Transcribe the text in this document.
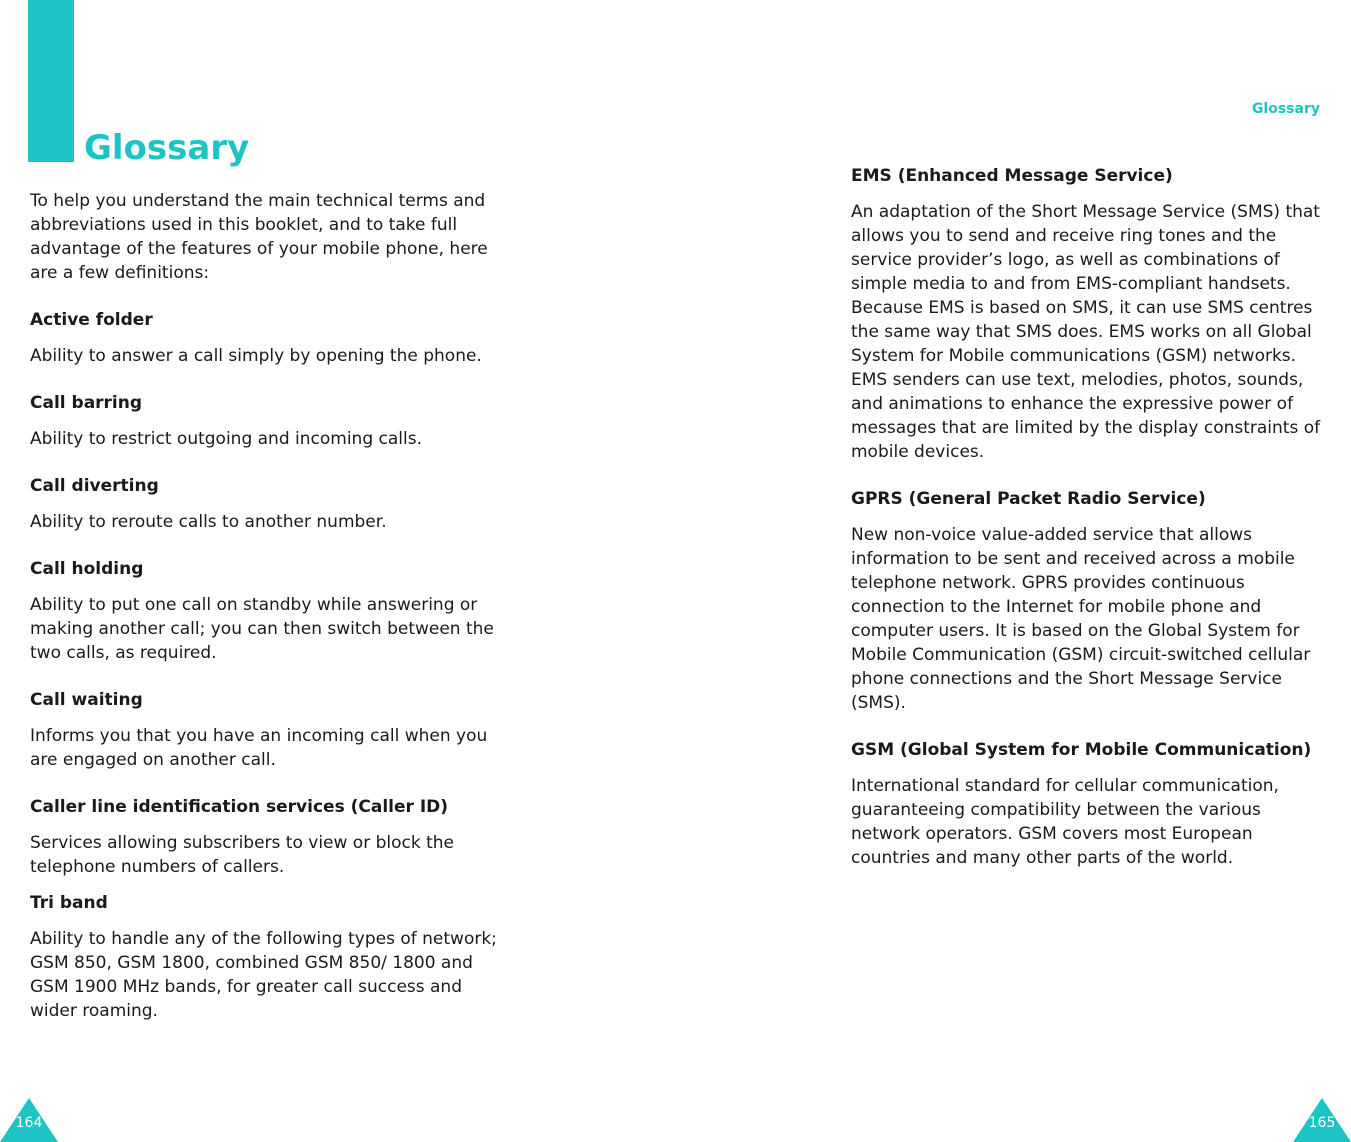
Glossary

To help you understand the main technical terms and abbreviations used in this booklet, and to take full advantage of the features of your mobile phone, here are a few definitions:

Active folder

Ability to answer a call simply by opening the phone.

Call barring

Ability to restrict outgoing and incoming calls.

Call diverting

Ability to reroute calls to another number.

Call holding

Ability to put one call on standby while answering or making another call; you can then switch between the two calls, as required.

Call waiting

Informs you that you have an incoming call when you are engaged on another call.

Caller line identification services (Caller ID)

Services allowing subscribers to view or block the telephone numbers of callers.

Tri band

Ability to handle any of the following types of network; GSM 850, GSM 1800, combined GSM 850/ 1800 and GSM 1900 MHz bands, for greater call success and wider roaming.

164
Glossary

EMS (Enhanced Message Service)

An adaptation of the Short Message Service (SMS) that allows you to send and receive ring tones and the service provider’s logo, as well as combinations of simple media to and from EMS-compliant handsets. Because EMS is based on SMS, it can use SMS centres the same way that SMS does. EMS works on all Global System for Mobile communications (GSM) networks. EMS senders can use text, melodies, photos, sounds, and animations to enhance the expressive power of messages that are limited by the display constraints of mobile devices.

GPRS (General Packet Radio Service)

New non-voice value-added service that allows information to be sent and received across a mobile telephone network. GPRS provides continuous connection to the Internet for mobile phone and computer users. It is based on the Global System for Mobile Communication (GSM) circuit-switched cellular phone connections and the Short Message Service (SMS).

GSM (Global System for Mobile Communication)

International standard for cellular communication, guaranteeing compatibility between the various network operators. GSM covers most European countries and many other parts of the world.

165
